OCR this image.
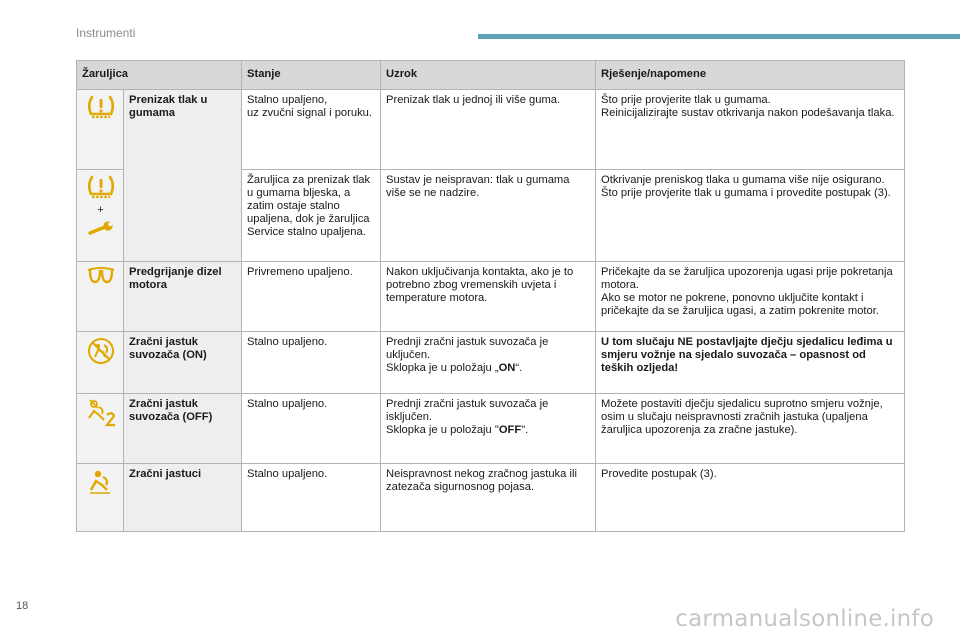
Instrumenti
Žaruljica		Stanje	Uzrok	Rješenje/napomene

	Prenizak tlak u gumama	Stalno upaljeno,
uz zvučni signal i poruku.	Prenizak tlak u jednoj ili više guma.	Što prije provjerite tlak u gumama.
Reinicijalizirajte sustav otkrivanja nakon podešavanja tlaka.

+		Žaruljica za prenizak tlak u gumama bljeska, a zatim ostaje stalno upaljena, dok je žaruljica Service stalno upaljena.	Sustav je neispravan: tlak u gumama više se ne nadzire.	Otkrivanje preniskog tlaka u gumama više nije osigurano.
Što prije provjerite tlak u gumama i provedite postupak (3).

	Predgrijanje dizel motora	Privremeno upaljeno.	Nakon uključivanja kontakta, ako je to potrebno zbog vremenskih uvjeta i temperature motora.	Pričekajte da se žaruljica upozorenja ugasi prije pokretanja motora.
Ako se motor ne pokrene, ponovno uključite kontakt i pričekajte da se žaruljica ugasi, a zatim pokrenite motor.

	Zračni jastuk suvozača (ON)	Stalno upaljeno.	Prednji zračni jastuk suvozača je uključen.
Sklopka je u položaju „ON“.	U tom slučaju NE postavljajte dječju sjedalicu leđima u smjeru vožnje na sjedalo suvozača – opasnost od teških ozljeda!

	Zračni jastuk suvozača (OFF)	Stalno upaljeno.	Prednji zračni jastuk suvozača je isključen.
Sklopka je u položaju "OFF".	Možete postaviti dječju sjedalicu suprotno smjeru vožnje, osim u slučaju neispravnosti zračnih jastuka (upaljena žaruljica upozorenja za zračne jastuke).

	Zračni jastuci	Stalno upaljeno.	Neispravnost nekog zračnog jastuka ili zatezača sigurnosnog pojasa.	Provedite postupak (3).
18	carmanualsonline.info
